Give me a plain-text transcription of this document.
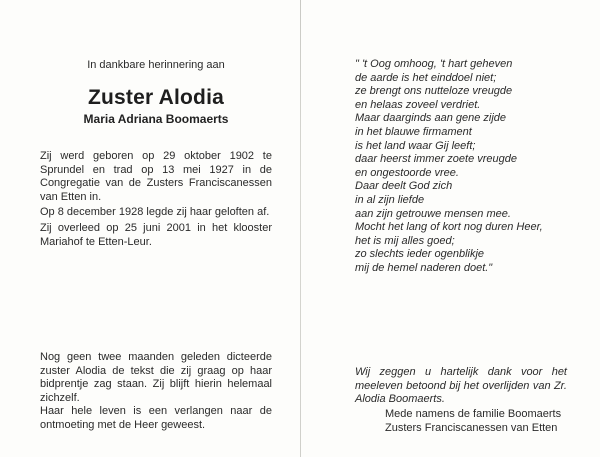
In dankbare herinnering aan
Zuster Alodia
Maria Adriana Boomaerts

Zij werd geboren op 29 oktober 1902 te Sprundel en trad op 13 mei 1927 in de Congregatie van de Zusters Franciscanessen van Etten in.

Op 8 december 1928 legde zij haar geloften af.

Zij overleed op 25 juni 2001 in het klooster Mariahof te Etten-Leur.

Nog geen twee maanden geleden dicteerde zuster Alodia de tekst die zij graag op haar bidprentje zag staan. Zij blijft hierin helemaal zichzelf.

Haar hele leven is een verlangen naar de ontmoeting met de Heer geweest.

" 't Oog omhoog, 't hart geheven
de aarde is het einddoel niet;
ze brengt ons nutteloze vreugde
en helaas zoveel verdriet.
Maar daarginds aan gene zijde
in het blauwe firmament
is het land waar Gij leeft;
daar heerst immer zoete vreugde
en ongestoorde vree.
Daar deelt God zich
in al zijn liefde
aan zijn getrouwe mensen mee.
Mocht het lang of kort nog duren Heer,
het is mij alles goed;
zo slechts ieder ogenblikje
mij de hemel naderen doet."
Wij zeggen u hartelijk dank voor het meeleven betoond bij het overlijden van Zr. Alodia Boomaerts.
Mede namens de familie Boomaerts
Zusters Franciscanessen van Etten
